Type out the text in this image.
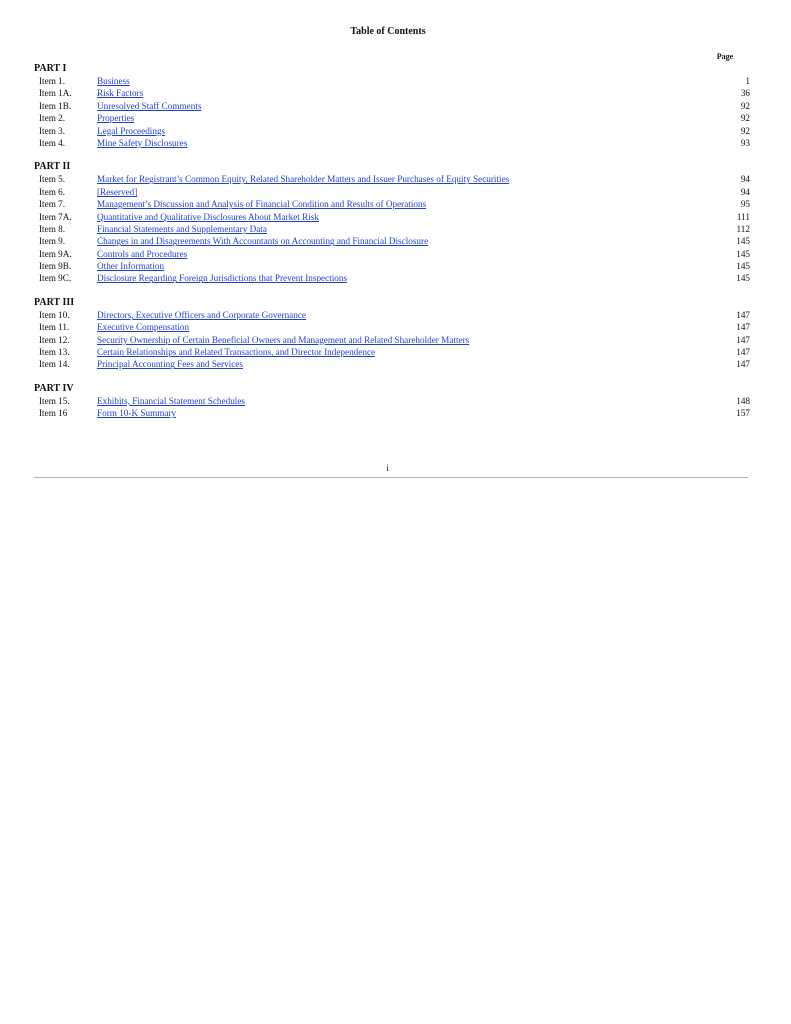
Table of Contents
Page
PART I
Item 1.	Business	1
Item 1A.	Risk Factors	36
Item 1B.	Unresolved Staff Comments	92
Item 2.	Properties	92
Item 3.	Legal Proceedings	92
Item 4.	Mine Safety Disclosures	93
PART II
Item 5.	Market for Registrant’s Common Equity, Related Shareholder Matters and Issuer Purchases of Equity Securities	94
Item 6.	[Reserved]	94
Item 7.	Management’s Discussion and Analysis of Financial Condition and Results of Operations	95
Item 7A.	Quantitative and Qualitative Disclosures About Market Risk	111
Item 8.	Financial Statements and Supplementary Data	112
Item 9.	Changes in and Disagreements With Accountants on Accounting and Financial Disclosure	145
Item 9A.	Controls and Procedures	145
Item 9B.	Other Information	145
Item 9C.	Disclosure Regarding Foreign Jurisdictions that Prevent Inspections	145
PART III
Item 10.	Directors, Executive Officers and Corporate Governance	147
Item 11.	Executive Compensation	147
Item 12.	Security Ownership of Certain Beneficial Owners and Management and Related Shareholder Matters	147
Item 13.	Certain Relationships and Related Transactions, and Director Independence	147
Item 14.	Principal Accounting Fees and Services	147
PART IV
Item 15.	Exhibits, Financial Statement Schedules	148
Item 16	Form 10-K Summary	157
i
